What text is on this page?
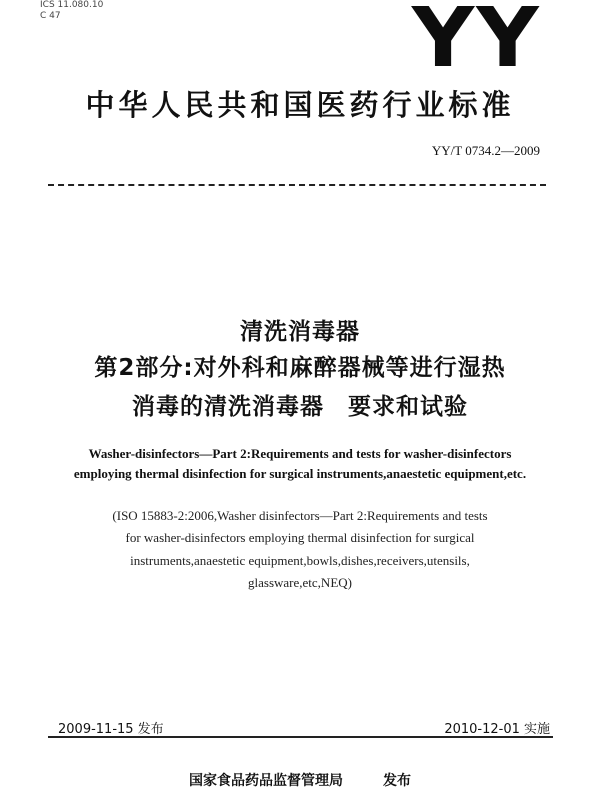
ICS 11.080.10
C 47	YY
中华人民共和国医药行业标准
YY/T 0734.2—2009
清洗消毒器
第2部分:对外科和麻醉器械等进行湿热
消毒的清洗消毒器　要求和试验
Washer-disinfectors—Part 2:Requirements and tests for washer-disinfectors
employing thermal disinfection for surgical instruments,anaestetic equipment,etc.
(ISO 15883-2:2006,Washer disinfectors—Part 2:Requirements and tests
for washer-disinfectors employing thermal disinfection for surgical
instruments,anaestetic equipment,bowls,dishes,receivers,utensils,
glassware,etc,NEQ)
2009-11-15 发布	2010-12-01 实施
国家食品药品监督管理局	发布
